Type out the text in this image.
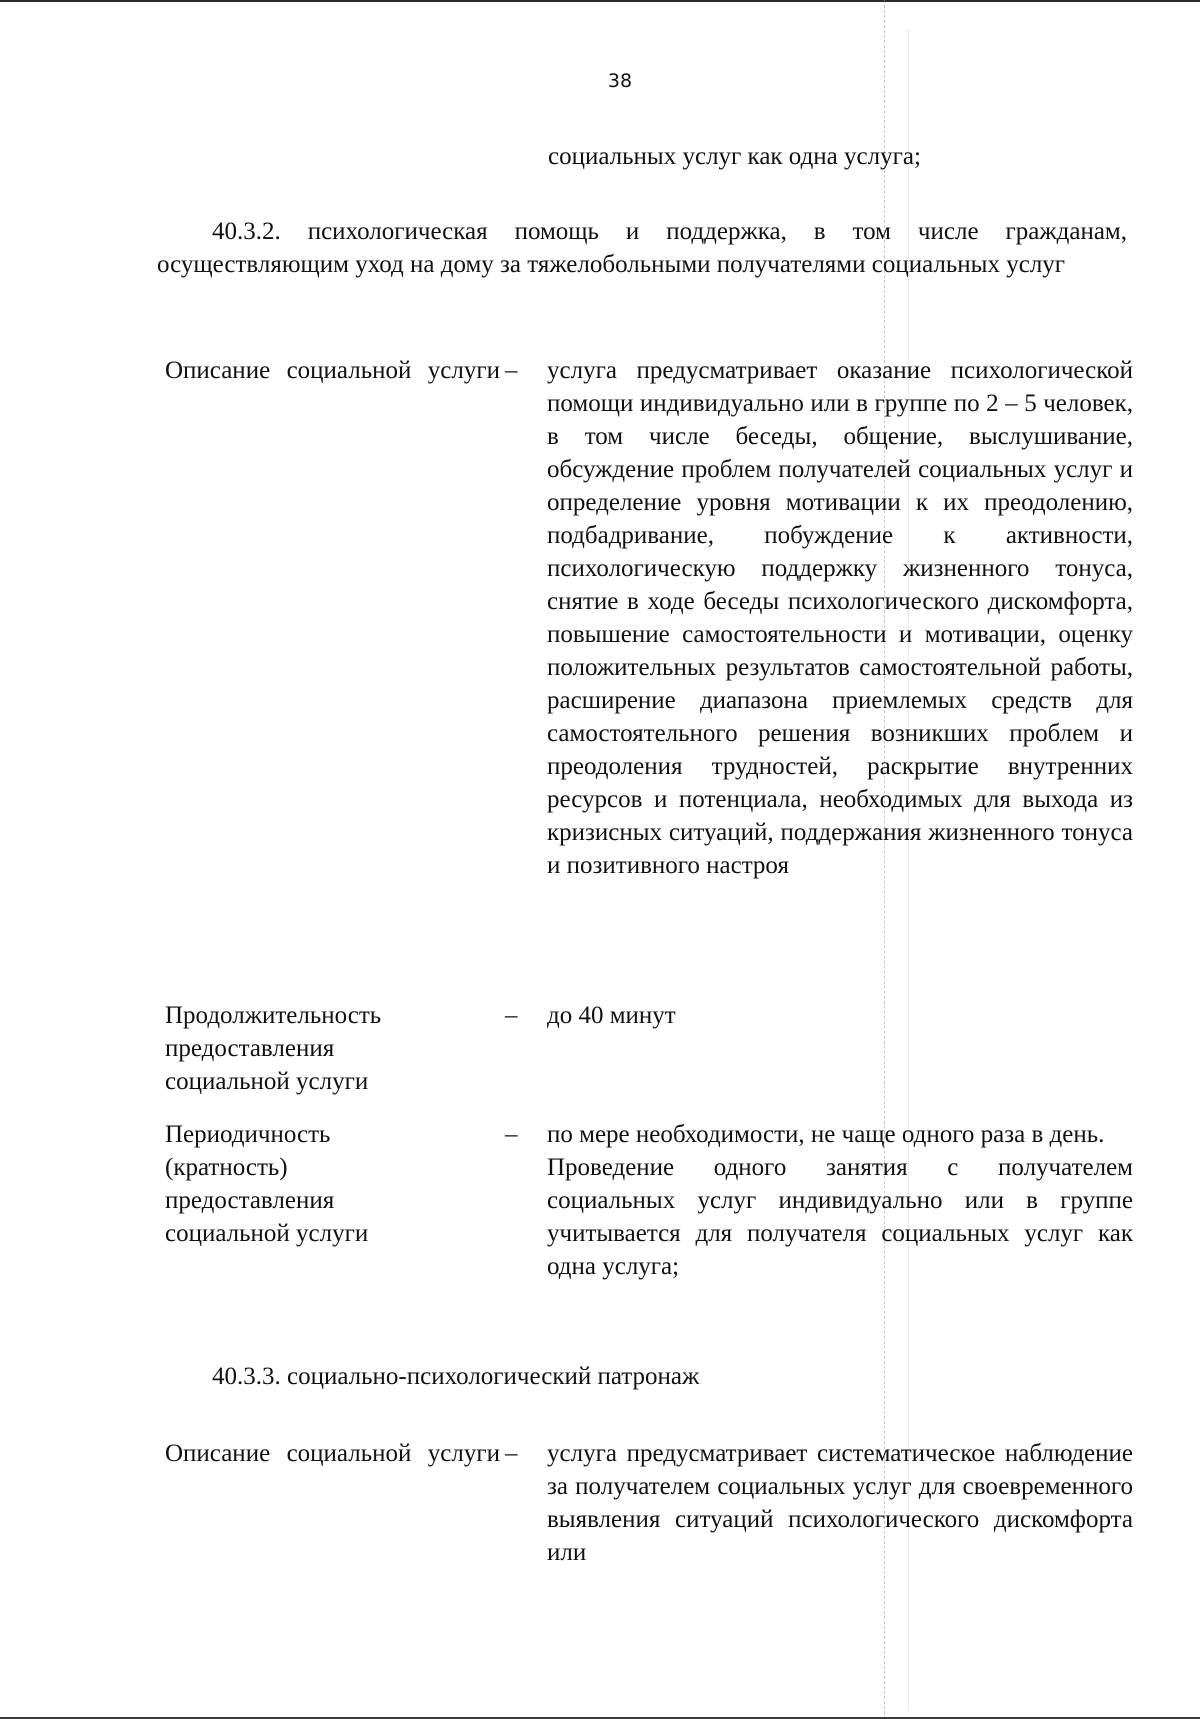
38
социальных услуг как одна услуга;
40.3.2. психологическая помощь и поддержка, в том числе гражданам, осуществляющим уход на дому за тяжелобольными получателями социальных услуг
Описание социальной услуги – услуга предусматривает оказание психологической помощи индивидуально или в группе по 2 – 5 человек, в том числе беседы, общение, выслушивание, обсуждение проблем получателей социальных услуг и определение уровня мотивации к их преодолению, подбадривание, побуждение к активности, психологическую поддержку жизненного тонуса, снятие в ходе беседы психологического дискомфорта, повышение самостоятельности и мотивации, оценку положительных результатов самостоятельной работы, расширение диапазона приемлемых средств для самостоятельного решения возникших проблем и преодоления трудностей, раскрытие внутренних ресурсов и потенциала, необходимых для выхода из кризисных ситуаций, поддержания жизненного тонуса и позитивного настроя
Продолжительность предоставления социальной услуги
– до 40 минут
Периодичность (кратность) предоставления социальной услуги
– по мере необходимости, не чаще одного раза в день.

Проведение одного занятия с получателем социальных услуг индивидуально или в группе учитывается для получателя социальных услуг как одна услуга;

40.3.3. социально-психологический патронаж
Описание социальной услуги – услуга предусматривает систематическое наблюдение за получателем социальных услуг для своевременного выявления ситуаций психологического дискомфорта или
